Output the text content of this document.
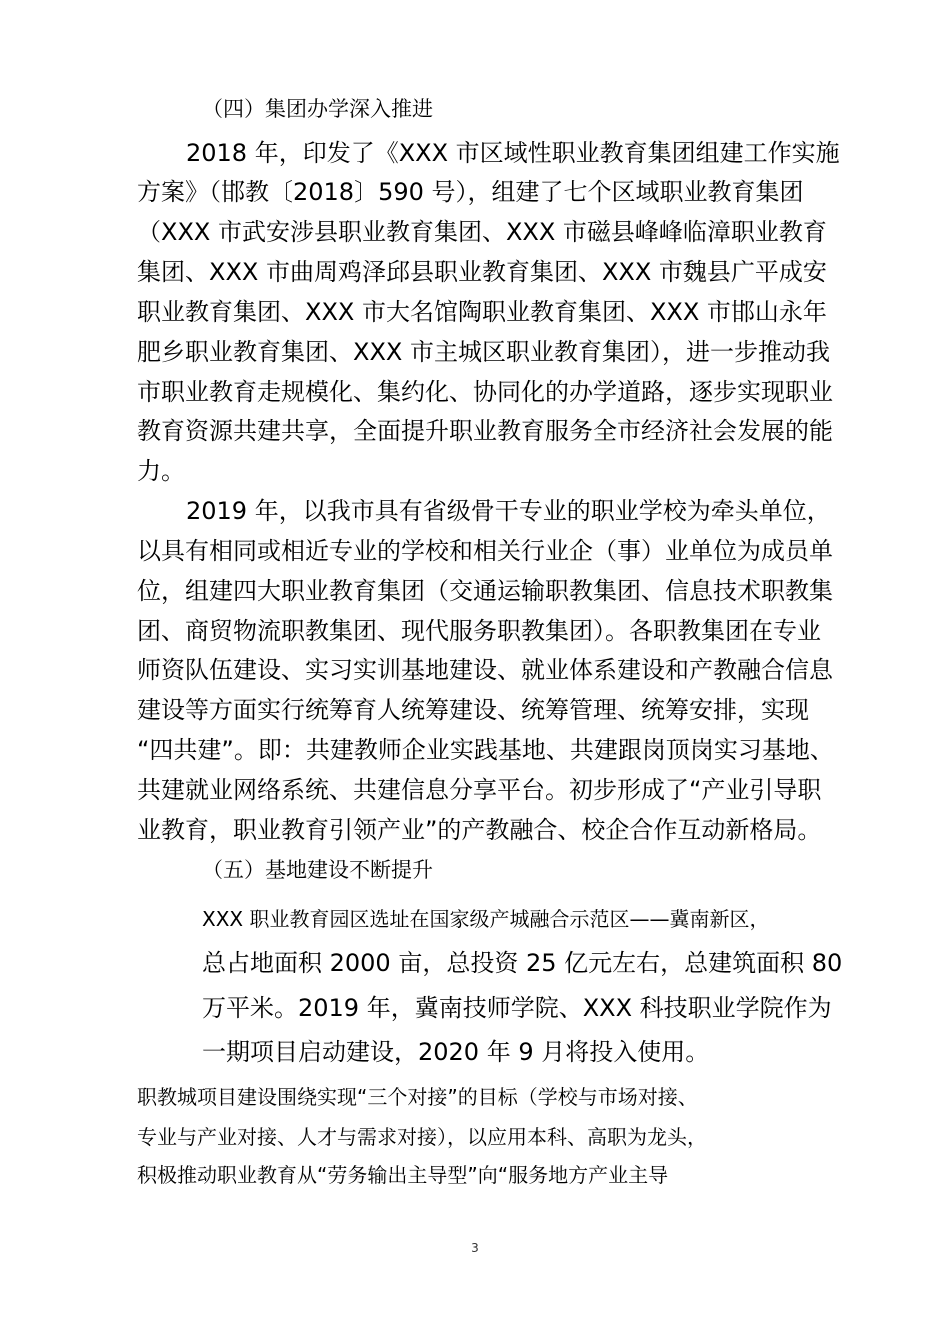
（四）集团办学深入推进
2018 年，印发了《XXX 市区域性职业教育集团组建工作实施
方案》（邯教〔2018〕590 号），组建了七个区域职业教育集团
（XXX 市武安涉县职业教育集团、XXX 市磁县峰峰临漳职业教育
集团、XXX 市曲周鸡泽邱县职业教育集团、XXX 市魏县广平成安
职业教育集团、XXX 市大名馆陶职业教育集团、XXX 市邯山永年
肥乡职业教育集团、XXX 市主城区职业教育集团），进一步推动我
市职业教育走规模化、集约化、协同化的办学道路，逐步实现职业
教育资源共建共享，全面提升职业教育服务全市经济社会发展的能
力。
2019 年，以我市具有省级骨干专业的职业学校为牵头单位，
以具有相同或相近专业的学校和相关行业企（事）业单位为成员单
位，组建四大职业教育集团（交通运输职教集团、信息技术职教集
团、商贸物流职教集团、现代服务职教集团）。各职教集团在专业
师资队伍建设、实习实训基地建设、就业体系建设和产教融合信息
建设等方面实行统筹育人统筹建设、统筹管理、统筹安排，实现
“四共建”。即：共建教师企业实践基地、共建跟岗顶岗实习基地、
共建就业网络系统、共建信息分享平台。初步形成了“产业引导职
业教育，职业教育引领产业”的产教融合、校企合作互动新格局。
（五）基地建设不断提升
XXX 职业教育园区选址在国家级产城融合示范区——冀南新区，
总占地面积 2000 亩，总投资 25 亿元左右，总建筑面积 80
万平米。2019 年，冀南技师学院、XXX 科技职业学院作为
一期项目启动建设，2020 年 9 月将投入使用。
职教城项目建设围绕实现“三个对接”的目标（学校与市场对接、
专业与产业对接、人才与需求对接），以应用本科、高职为龙头，
积极推动职业教育从“劳务输出主导型”向“服务地方产业主导
3
